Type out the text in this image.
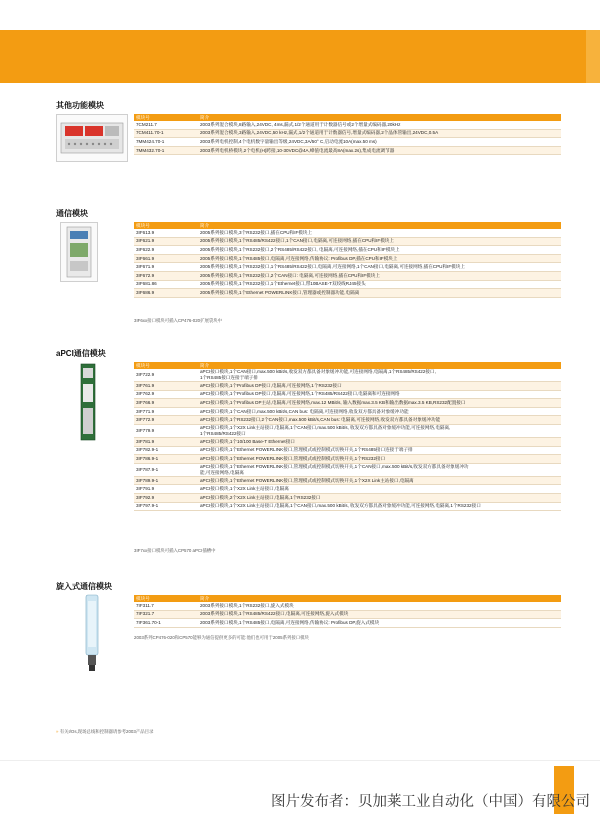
其他功能模块
模块号	简介
7CM211.7	2003系列混合模块,8路输入,24VDC, 4ms,漏式,1/2个通道用于计数器信号或2个增量式编码器,20kHz
7CM411.70-1	2003系列混合模块,3路输入,24VDC,50 kHz,漏式,1/2个通道用于计数器信号,增量式编码器,2个晶体管输出,24VDC,0.5A
7MM424.70-1	2003系列电机控制,4个电机数字量输出等级,24VDC,3A/50° C,启动电流10A(max.50 ms)
7MM432.70-1	2003系列电机桥模块,2个电机(H)跨接,10-30VDC@4A,峰值电流最高8A(max.2s),集成电流调节器
通信模块
模块号	简介
3IF613.9	2005系列接口模块,3个RS232接口,插在CPU和IF模块上
3IF621.9	2005系列接口模块,1个RS485/RS422接口,1个CAN接口,电隔离,可连接网络,插在CPU和IF模块上
3IF622.9	2005系列接口模块,1个RS232接口,2个RS485/RS422接口, 电隔离,可连接网络,插在CPU和IF模块上
3IF661.9	2005系列接口模块,1个RS485接口,电隔离,可连接网络,传输协议: Profibus DP,插在CPU和IF模块上
3IF671.9	2005系列接口模块,1个RS232接口,1个RS485/RS422接口,电隔离,可连接网络,1个CAN接口,电隔离,可连接网络,插在CPU和IF模块上
3IF672.9	2005系列接口模块,1个RS232接口,2个CAN接口: 电隔离,可连接网络,插在CPU和IF模块上
3IF681.86	2005系列接口模块,1个RS232接口,1个Ethernet接口,带10BASE-T双绞线RJ45接头
3IF686.9	2005系列接口模块,1个Ethernet POWERLINK接口,管理器或控制器功能,电隔离
3IF6xx接口模块可插入CP476-020扩展袋块中
aPCI通信模块
模块号	简介
3IF722.9	aPCI接口模块,1个CAN接口,max.500 kBit/s,收发双方都具备对象缓冲功能,可连接网络,电隔离,1个RS485/RS422接口,
1个RS485接口连接于端子排
3IF761.9	aPCI接口模块,1个Profibus DP接口,电隔离,可连接网络,1个RS232接口
3IF762.9	aPCI接口模块,1个Profibus DP接口,电隔离,可连接网络,1个RS485/RS422接口,电隔离和可连接网络
3IF766.9	aPCI接口模块,1个Profibus DP主站,电隔离,可连接网络,max.12 MBit/s, 输入数据max.3.5 KB和输出数据max.3.5 KB,RS232配置接口
3IF771.9	aPCI接口模块,1个CAN接口,max.500 kBit/s,CAN bus: 电隔离,可连接网络,收发双方都具备对象缓冲功能
3IF772.9	aPCI接口模块,1个RS232接口,2个CAN接口,max.500 kBit/s,CAN bus: 电隔离,可连接网络,收发双方都具备对象缓冲功能
3IF779.9	aPCI接口模块,1个X2X Link主站接口,电隔离,1个CAN接口,max.500 kBit/s, 收发双方都具备对象缓冲功能,可连接网络,电隔离,
1个RS485/RS422接口
3IF781.9	aPCI接口模块,1个10/100 Base-T Ethernet接口
3IF782.9-1	aPCI接口模块,1个Ethernet POWERLINK接口,管理模式或控制模式切换开关,1个RS485接口连接于端子排
3IF786.9-1	aPCI接口模块,1个Ethernet POWERLINK接口,管理模式或控制模式切换开关,1个RS232接口
3IF787.9-1	aPCI接口模块,1个Ethernet POWERLINK接口,管理模式或控制模式切换开关,1个CAN接口,max.500 kBit/s,收发双方都具备对象缓冲功
能,可连接网络,电隔离
3IF789.9-1	aPCI接口模块,1个Ethernet POWERLINK接口,管理模式或控制模式切换开关,1个X2X Link主站接口,电隔离
3IF791.9	aPCI接口模块,1个X2X Link主站接口,电隔离
3IF792.9	aPCI接口模块,2个X2X Link主站接口,电隔离,1个RS232接口
3IF797.9-1	aPCI接口模块,1个X2X Link主站接口,电隔离,1个CAN接口,max.500 kBit/s, 收发双方都具备对象缓冲功能,可连接网络,电隔离,1个RS232接口
3IF7xx接口模块可插入CP570 aPCI插槽中
旋入式通信模块
模块号	简介
7IF311.7	2003系列接口模块,1个RS232接口,旋入式模块
7IF321.7	2003系列接口模块,1个RS485/RS422接口,电隔离,可连接网络,旋入式模块
7IF361.70-1	2003系列接口模块,1个RS485接口,电隔离,可连接网络,传输协议: Profibus DP,旋入式模块
2003系列CP476-020和CP570能够为通信提供更多的可能:他们也可用于2005系列接口模块
» 有关I/Os,现场总线和控制器请参考2003产品目录
图片发布者：贝加莱工业自动化（中国）有限公司
